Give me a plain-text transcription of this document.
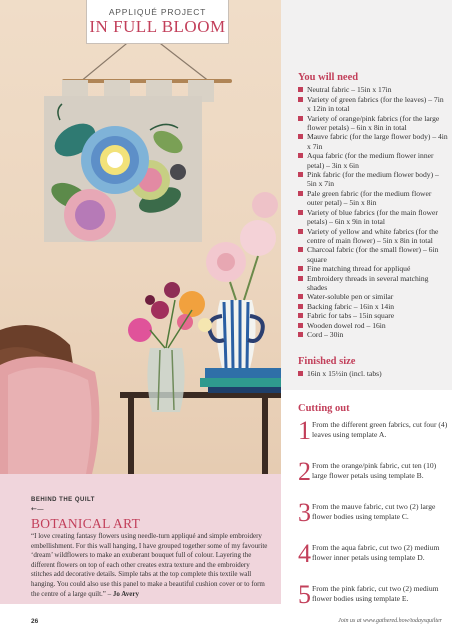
APPLIQUÉ PROJECT
IN FULL BLOOM
You will need
Neutral fabric – 15in x 17in
Variety of green fabrics (for the leaves) – 7in x 12in in total
Variety of orange/pink fabrics (for the large flower petals) – 6in x 8in in total
Mauve fabric (for the large flower body) – 4in x 7in
Aqua fabric (for the medium flower inner petal) – 3in x 6in
Pink fabric (for the medium flower body) – 5in x 7in
Pale green fabric (for the medium flower outer petal) – 5in x 8in
Variety of blue fabrics (for the main flower petals) – 6in x 9in in total
Variety of yellow and white fabrics (for the centre of main flower) – 5in x 8in in total
Charcoal fabric (for the small flower) – 6in square
Fine matching thread for appliqué
Embroidery threads in several matching shades
Water-soluble pen or similar
Backing fabric – 16in x 14in
Fabric for tabs – 15in square
Wooden dowel rod – 16in
Cord – 30in
Finished size
16in x 15½in (incl. tabs)
Cutting out
1 From the different green fabrics, cut four (4) leaves using template A.
2 From the orange/pink fabric, cut ten (10) large flower petals using template B.
3 From the mauve fabric, cut two (2) large flower bodies using template C.
4 From the aqua fabric, cut two (2) medium flower inner petals using template D.
5 From the pink fabric, cut two (2) medium flower bodies using template E.
BEHIND THE QUILT
←—
BOTANICAL ART
“I love creating fantasy flowers using needle-turn appliqué and simple embroidery embellishment. For this wall hanging, I have grouped together some of my favourite ‘dream’ wildflowers to make an exuberant bouquet full of colour. Layering the different flowers on top of each other creates extra texture and the embroidery stitches add decorative details. Simple tabs at the top complete this textile wall hanging. You could also use this panel to make a beautiful cushion cover or to form the centre of a large quilt.” – Jo Avery
26	Join us at www.gathered.how/todaysquilter
